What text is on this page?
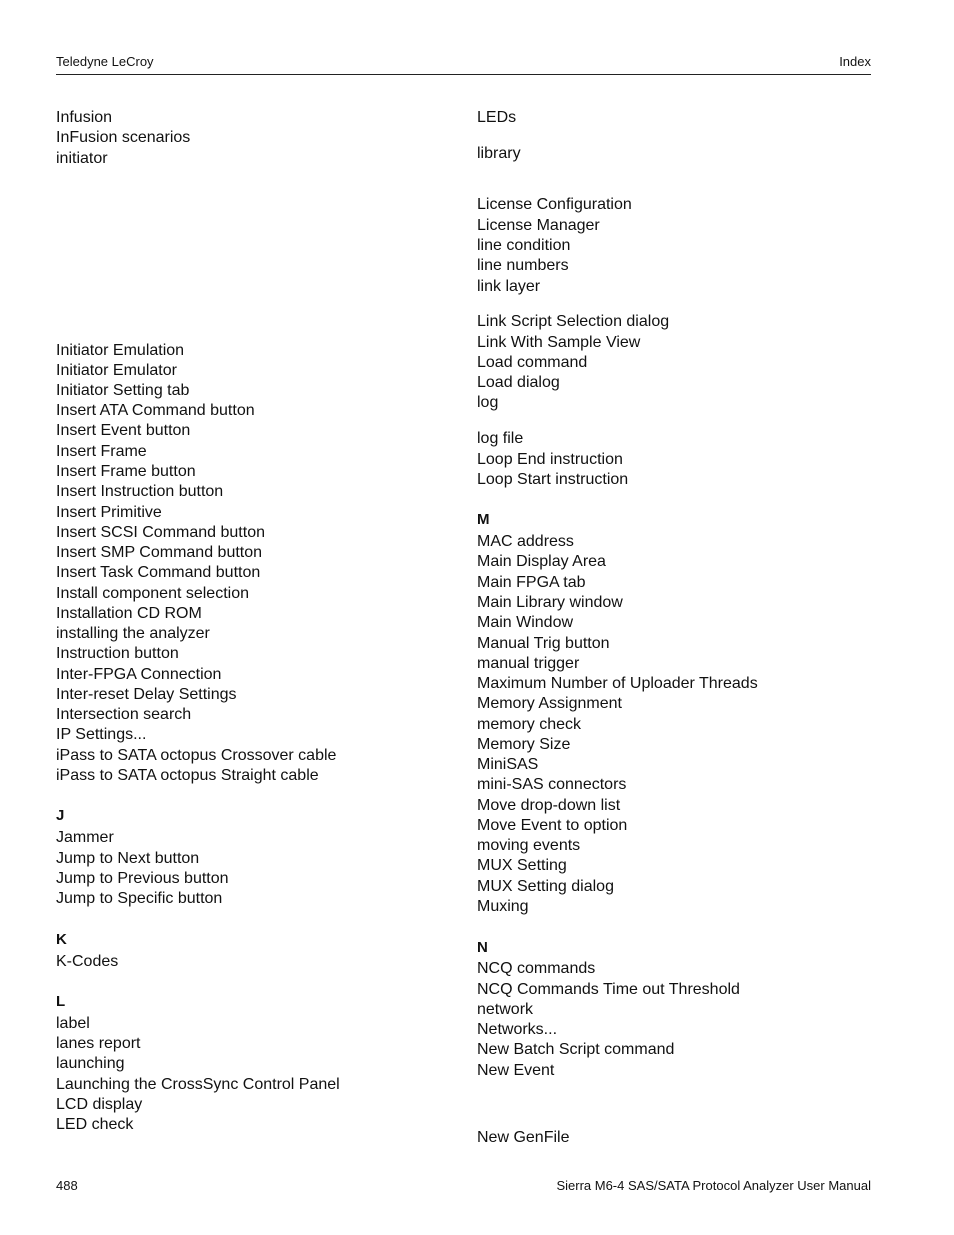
Teledyne LeCroy	Index
Infusion
InFusion scenarios
initiator
Initiator Emulation
Initiator Emulator
Initiator Setting tab
Insert ATA Command button
Insert Event button
Insert Frame
Insert Frame button
Insert Instruction button
Insert Primitive
Insert SCSI Command button
Insert SMP Command button
Insert Task Command button
Install component selection
Installation CD ROM
installing the analyzer
Instruction button
Inter-FPGA Connection
Inter-reset Delay Settings
Intersection search
IP Settings...
iPass to SATA octopus Crossover cable
iPass to SATA octopus Straight cable
J
Jammer
Jump to Next button
Jump to Previous button
Jump to Specific button
K
K-Codes
L
label
lanes report
launching
Launching the CrossSync Control Panel
LCD display
LED check
LEDs
library
License Configuration
License Manager
line condition
line numbers
link layer
Link Script Selection dialog
Link With Sample View
Load command
Load dialog
log
log file
Loop End instruction
Loop Start instruction
M
MAC address
Main Display Area
Main FPGA tab
Main Library window
Main Window
Manual Trig button
manual trigger
Maximum Number of Uploader Threads
Memory Assignment
memory check
Memory Size
MiniSAS
mini-SAS connectors
Move drop-down list
Move Event to option
moving events
MUX Setting
MUX Setting dialog
Muxing
N
NCQ commands
NCQ Commands Time out Threshold
network
Networks...
New Batch Script command
New Event
New GenFile
488	Sierra M6-4 SAS/SATA Protocol Analyzer User Manual
